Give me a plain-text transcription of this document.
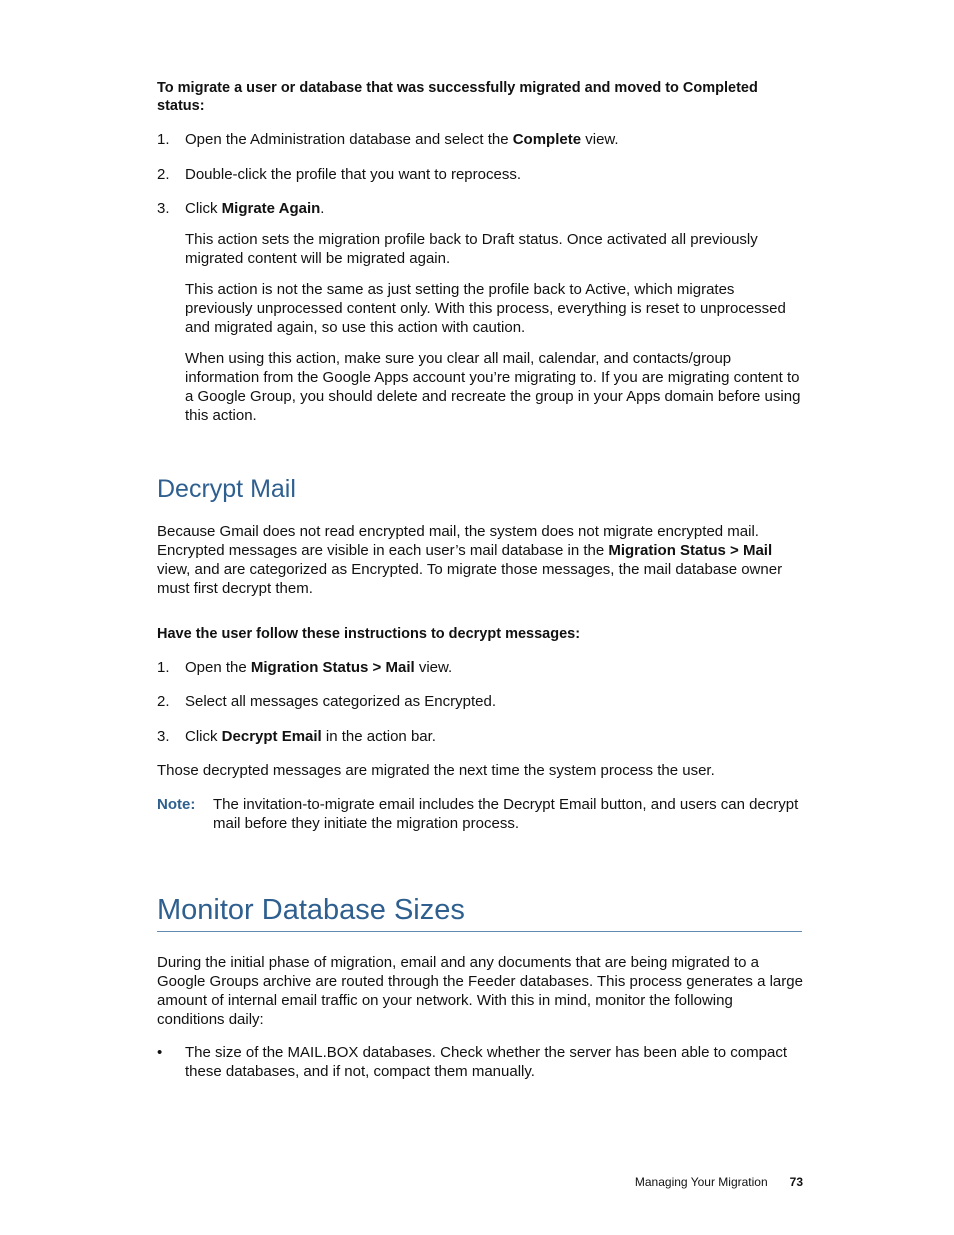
To migrate a user or database that was successfully migrated and moved to Completed status:
1.	Open the Administration database and select the Complete view.
2.	Double-click the profile that you want to reprocess.
3.	Click Migrate Again.

This action sets the migration profile back to Draft status. Once activated all previously migrated content will be migrated again.

This action is not the same as just setting the profile back to Active, which migrates previously unprocessed content only. With this process, everything is reset to unprocessed and migrated again, so use this action with caution.

When using this action, make sure you clear all mail, calendar, and contacts/group information from the Google Apps account you’re migrating to. If you are migrating content to a Google Group, you should delete and recreate the group in your Apps domain before using this action.

Decrypt Mail

Because Gmail does not read encrypted mail, the system does not migrate encrypted mail. Encrypted messages are visible in each user’s mail database in the Migration Status > Mail view, and are categorized as Encrypted. To migrate those messages, the mail database owner must first decrypt them.

Have the user follow these instructions to decrypt messages:
1.	Open the Migration Status > Mail view.
2.	Select all messages categorized as Encrypted.
3.	Click Decrypt Email in the action bar.

Those decrypted messages are migrated the next time the system process the user.

Note: The invitation-to-migrate email includes the Decrypt Email button, and users can decrypt mail before they initiate the migration process.
Monitor Database Sizes

During the initial phase of migration, email and any documents that are being migrated to a Google Groups archive are routed through the Feeder databases. This process generates a large amount of internal email traffic on your network. With this in mind, monitor the following conditions daily:

• The size of the MAIL.BOX databases. Check whether the server has been able to compact these databases, and if not, compact them manually.
Managing Your Migration 73
